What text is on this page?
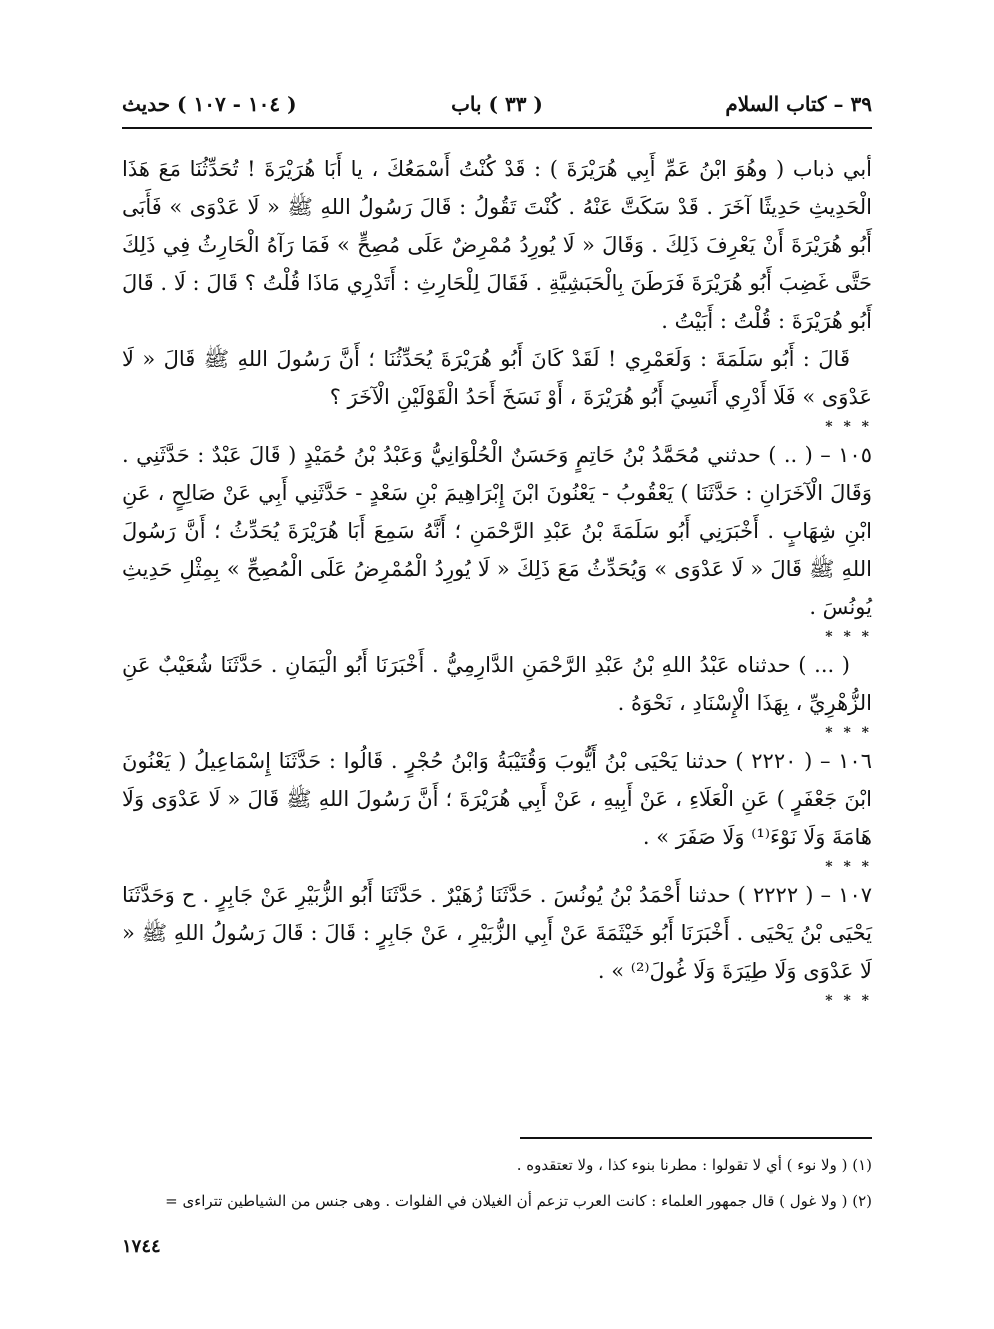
٣٩ – كتاب السلام
( ٣٣ ) باب
( ١٠٤ - ١٠٧ ) حديث

أبي ذباب ( وهُوَ ابْنُ عَمِّ أَبِي هُرَيْرَةَ ) : قَدْ كُنْتُ أَسْمَعُكَ ، يا أَبَا هُرَيْرَةَ ! تُحَدِّثُنَا مَعَ هَذَا الْحَدِيثِ حَدِيثًا آخَرَ . قَدْ سَكَتَّ عَنْهُ . كُنْتَ تَقُولُ : قَالَ رَسُولُ اللهِ ﷺ « لَا عَدْوَى » فَأَبَى أَبُو هُرَيْرَةَ أَنْ يَعْرِفَ ذَلِكَ . وَقَالَ « لَا يُورِدُ مُمْرِضٌ عَلَى مُصِحٍّ » فَمَا رَآهُ الْحَارِثُ فِي ذَلِكَ حَتَّى غَضِبَ أَبُو هُرَيْرَةَ فَرَطَنَ بِالْحَبَشِيَّةِ . فَقَالَ لِلْحَارِثِ : أَتَدْرِي مَاذَا قُلْتُ ؟ قَالَ : لَا . قَالَ أَبُو هُرَيْرَةَ : قُلْتُ : أَبَيْتُ .

قَالَ : أَبُو سَلَمَةَ : وَلَعَمْرِي ! لَقَدْ كَانَ أَبُو هُرَيْرَةَ يُحَدِّثُنَا ؛ أَنَّ رَسُولَ اللهِ ﷺ قَالَ « لَا عَدْوَى » فَلَا أَدْرِي أَنَسِيَ أَبُو هُرَيْرَةَ ، أَوْ نَسَخَ أَحَدُ الْقَوْلَيْنِ الْآخَرَ ؟

* * *

١٠٥ – ( .. ) حدثني مُحَمَّدُ بْنُ حَاتِمٍ وَحَسَنٌ الْحُلْوَانِيُّ وَعَبْدُ بْنُ حُمَيْدٍ ( قَالَ عَبْدٌ : حَدَّثَنِي . وَقَالَ الْآخَرَانِ : حَدَّثَنَا ) يَعْقُوبُ - يَعْنُونَ ابْنَ إِبْرَاهِيمَ بْنِ سَعْدٍ - حَدَّثَنِي أَبِي عَنْ صَالِحٍ ، عَنِ ابْنِ شِهَابٍ . أَخْبَرَنِي أَبُو سَلَمَةَ بْنُ عَبْدِ الرَّحْمَنِ ؛ أَنَّهُ سَمِعَ أَبَا هُرَيْرَةَ يُحَدِّثُ ؛ أَنَّ رَسُولَ اللهِ ﷺ قَالَ « لَا عَدْوَى » وَيُحَدِّثُ مَعَ ذَلِكَ « لَا يُورِدُ الْمُمْرِضُ عَلَى الْمُصِحِّ » بِمِثْلِ حَدِيثِ يُونُسَ .

* * *

( ... ) حدثناه عَبْدُ اللهِ بْنُ عَبْدِ الرَّحْمَنِ الدَّارِمِيُّ . أَخْبَرَنَا أَبُو الْيَمَانِ . حَدَّثَنَا شُعَيْبٌ عَنِ الزُّهْرِيِّ ، بِهَذَا الْإِسْنَادِ ، نَحْوَهُ .

* * *

١٠٦ – ( ٢٢٢٠ ) حدثنا يَحْيَى بْنُ أَيُّوبَ وَقُتَيْبَةُ وَابْنُ حُجْرٍ . قَالُوا : حَدَّثَنَا إِسْمَاعِيلُ ( يَعْنُونَ ابْنَ جَعْفَرٍ ) عَنِ الْعَلَاءِ ، عَنْ أَبِيهِ ، عَنْ أَبِي هُرَيْرَةَ ؛ أَنَّ رَسُولَ اللهِ ﷺ قَالَ « لَا عَدْوَى وَلَا هَامَةَ وَلَا نَوْءَ⁽¹⁾ وَلَا صَفَرَ » .

* * *

١٠٧ – ( ٢٢٢٢ ) حدثنا أَحْمَدُ بْنُ يُونُسَ . حَدَّثَنَا زُهَيْرٌ . حَدَّثَنَا أَبُو الزُّبَيْرِ عَنْ جَابِرٍ . ح وَحَدَّثَنَا يَحْيَى بْنُ يَحْيَى . أَخْبَرَنَا أَبُو خَيْثَمَةَ عَنْ أَبِي الزُّبَيْرِ ، عَنْ جَابِرٍ : قَالَ : قَالَ رَسُولُ اللهِ ﷺ « لَا عَدْوَى وَلَا طِيَرَةَ وَلَا غُولَ⁽²⁾ » .

* * *

(١) ( ولا نوء ) أي لا تقولوا : مطرنا بنوء كذا ، ولا تعتقدوه .

(٢) ( ولا غول ) قال جمهور العلماء : كانت العرب تزعم أن الغيلان في الفلوات . وهى جنس من الشياطين تتراءى =

١٧٤٤
